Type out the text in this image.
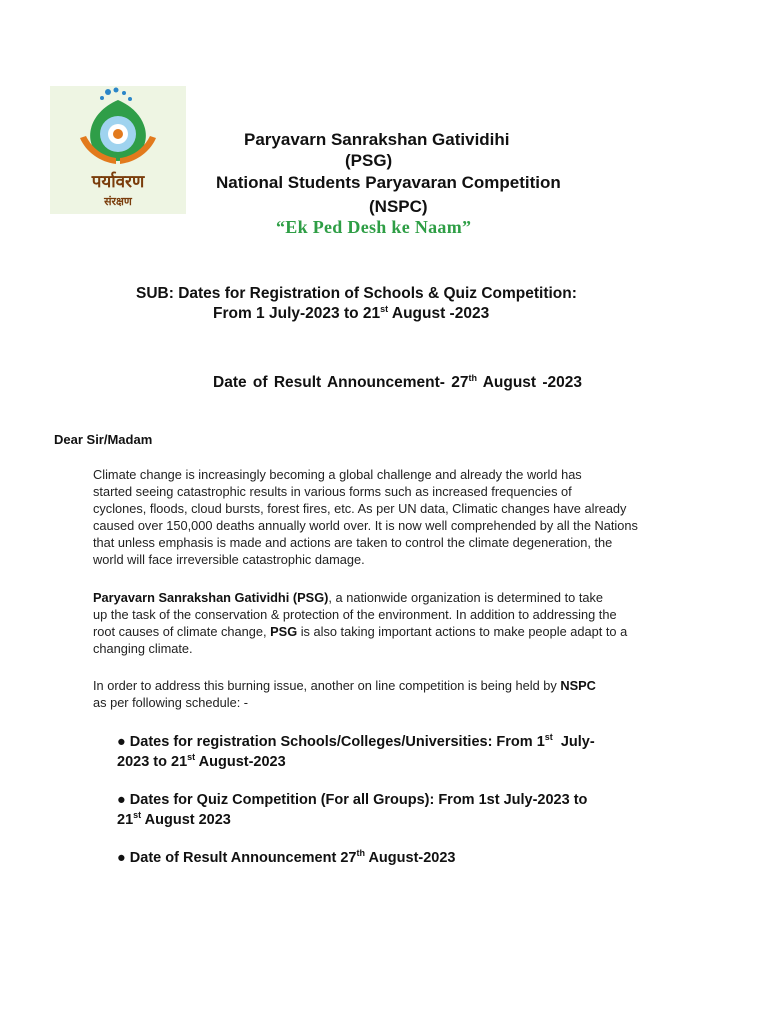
पर्यावरण
संरक्षण
Paryavarn Sanrakshan Gatividihi
(PSG)
National Students Paryavaran Competition
(NSPC)
“Ek Ped Desh ke Naam”
SUB: Dates for Registration of Schools & Quiz Competition:
From 1 July-2023 to 21st August -2023
Date of Result Announcement- 27th August -2023
Dear Sir/Madam
Climate change is increasingly becoming a global challenge and already the world has
started seeing catastrophic results in various forms such as increased frequencies of
cyclones, floods, cloud bursts, forest fires, etc. As per UN data, Climatic changes have already
caused over 150,000 deaths annually world over. It is now well comprehended by all the Nations
that unless emphasis is made and actions are taken to control the climate degeneration, the
world will face irreversible catastrophic damage.
Paryavarn Sanrakshan Gatividhi (PSG), a nationwide organization is determined to take
up the task of the conservation & protection of the environment. In addition to addressing the
root causes of climate change, PSG is also taking important actions to make people adapt to a
changing climate.
In order to address this burning issue, another on line competition is being held by NSPC
as per following schedule: -
● Dates for registration Schools/Colleges/Universities: From 1st  July-
2023 to 21st August-2023
● Dates for Quiz Competition (For all Groups): From 1st July-2023 to
21st August 2023
● Date of Result Announcement 27th August-2023
